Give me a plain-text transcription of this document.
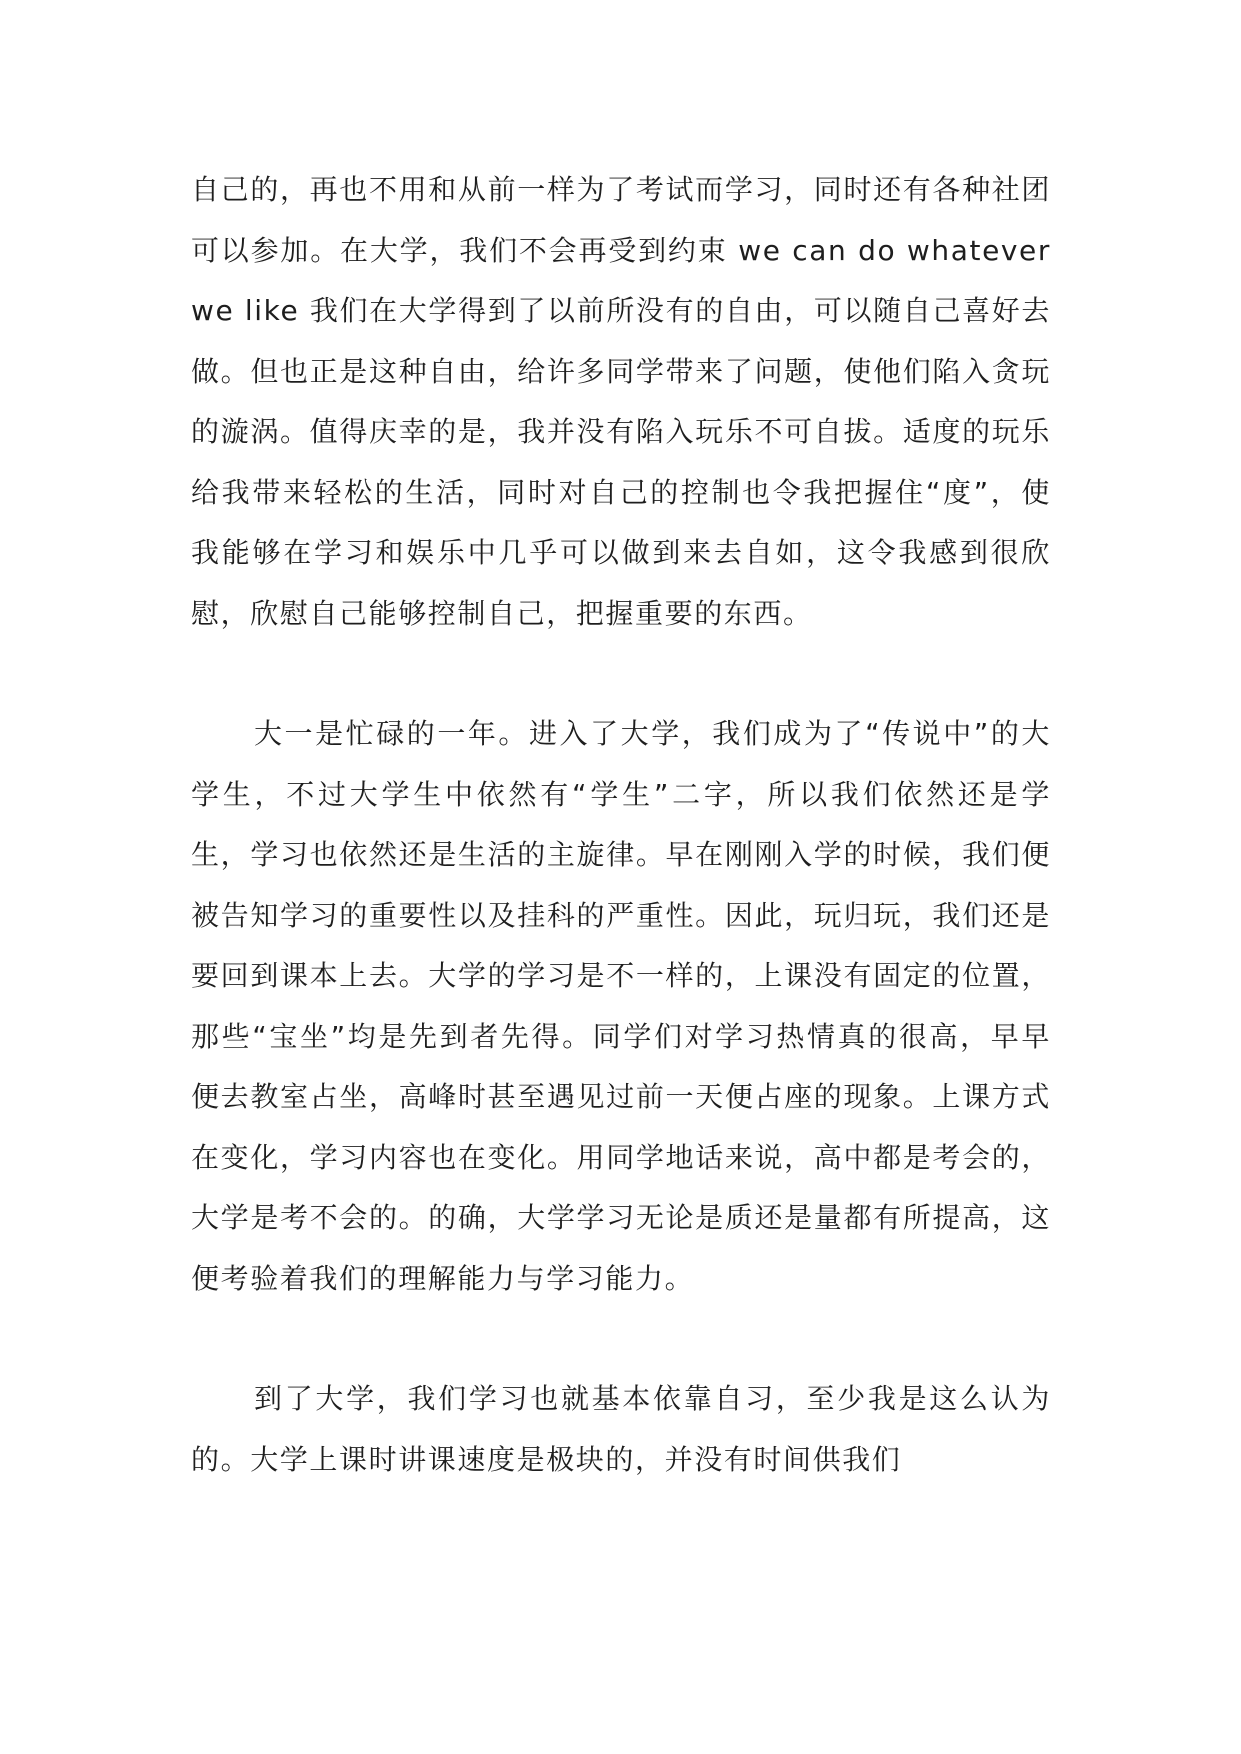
自己的，再也不用和从前一样为了考试而学习，同时还有各种社团可以参加。在大学，我们不会再受到约束 we can do whatever we like 我们在大学得到了以前所没有的自由，可以随自己喜好去做。但也正是这种自由，给许多同学带来了问题，使他们陷入贪玩的漩涡。值得庆幸的是，我并没有陷入玩乐不可自拔。适度的玩乐给我带来轻松的生活，同时对自己的控制也令我把握住“度”，使我能够在学习和娱乐中几乎可以做到来去自如，这令我感到很欣慰，欣慰自己能够控制自己，把握重要的东西。

大一是忙碌的一年。进入了大学，我们成为了“传说中”的大学生，不过大学生中依然有“学生”二字，所以我们依然还是学生，学习也依然还是生活的主旋律。早在刚刚入学的时候，我们便被告知学习的重要性以及挂科的严重性。因此，玩归玩，我们还是要回到课本上去。大学的学习是不一样的，上课没有固定的位置，那些“宝坐”均是先到者先得。同学们对学习热情真的很高，早早便去教室占坐，高峰时甚至遇见过前一天便占座的现象。上课方式在变化，学习内容也在变化。用同学地话来说，高中都是考会的，大学是考不会的。的确，大学学习无论是质还是量都有所提高，这便考验着我们的理解能力与学习能力。

到了大学，我们学习也就基本依靠自习，至少我是这么认为的。大学上课时讲课速度是极块的，并没有时间供我们
